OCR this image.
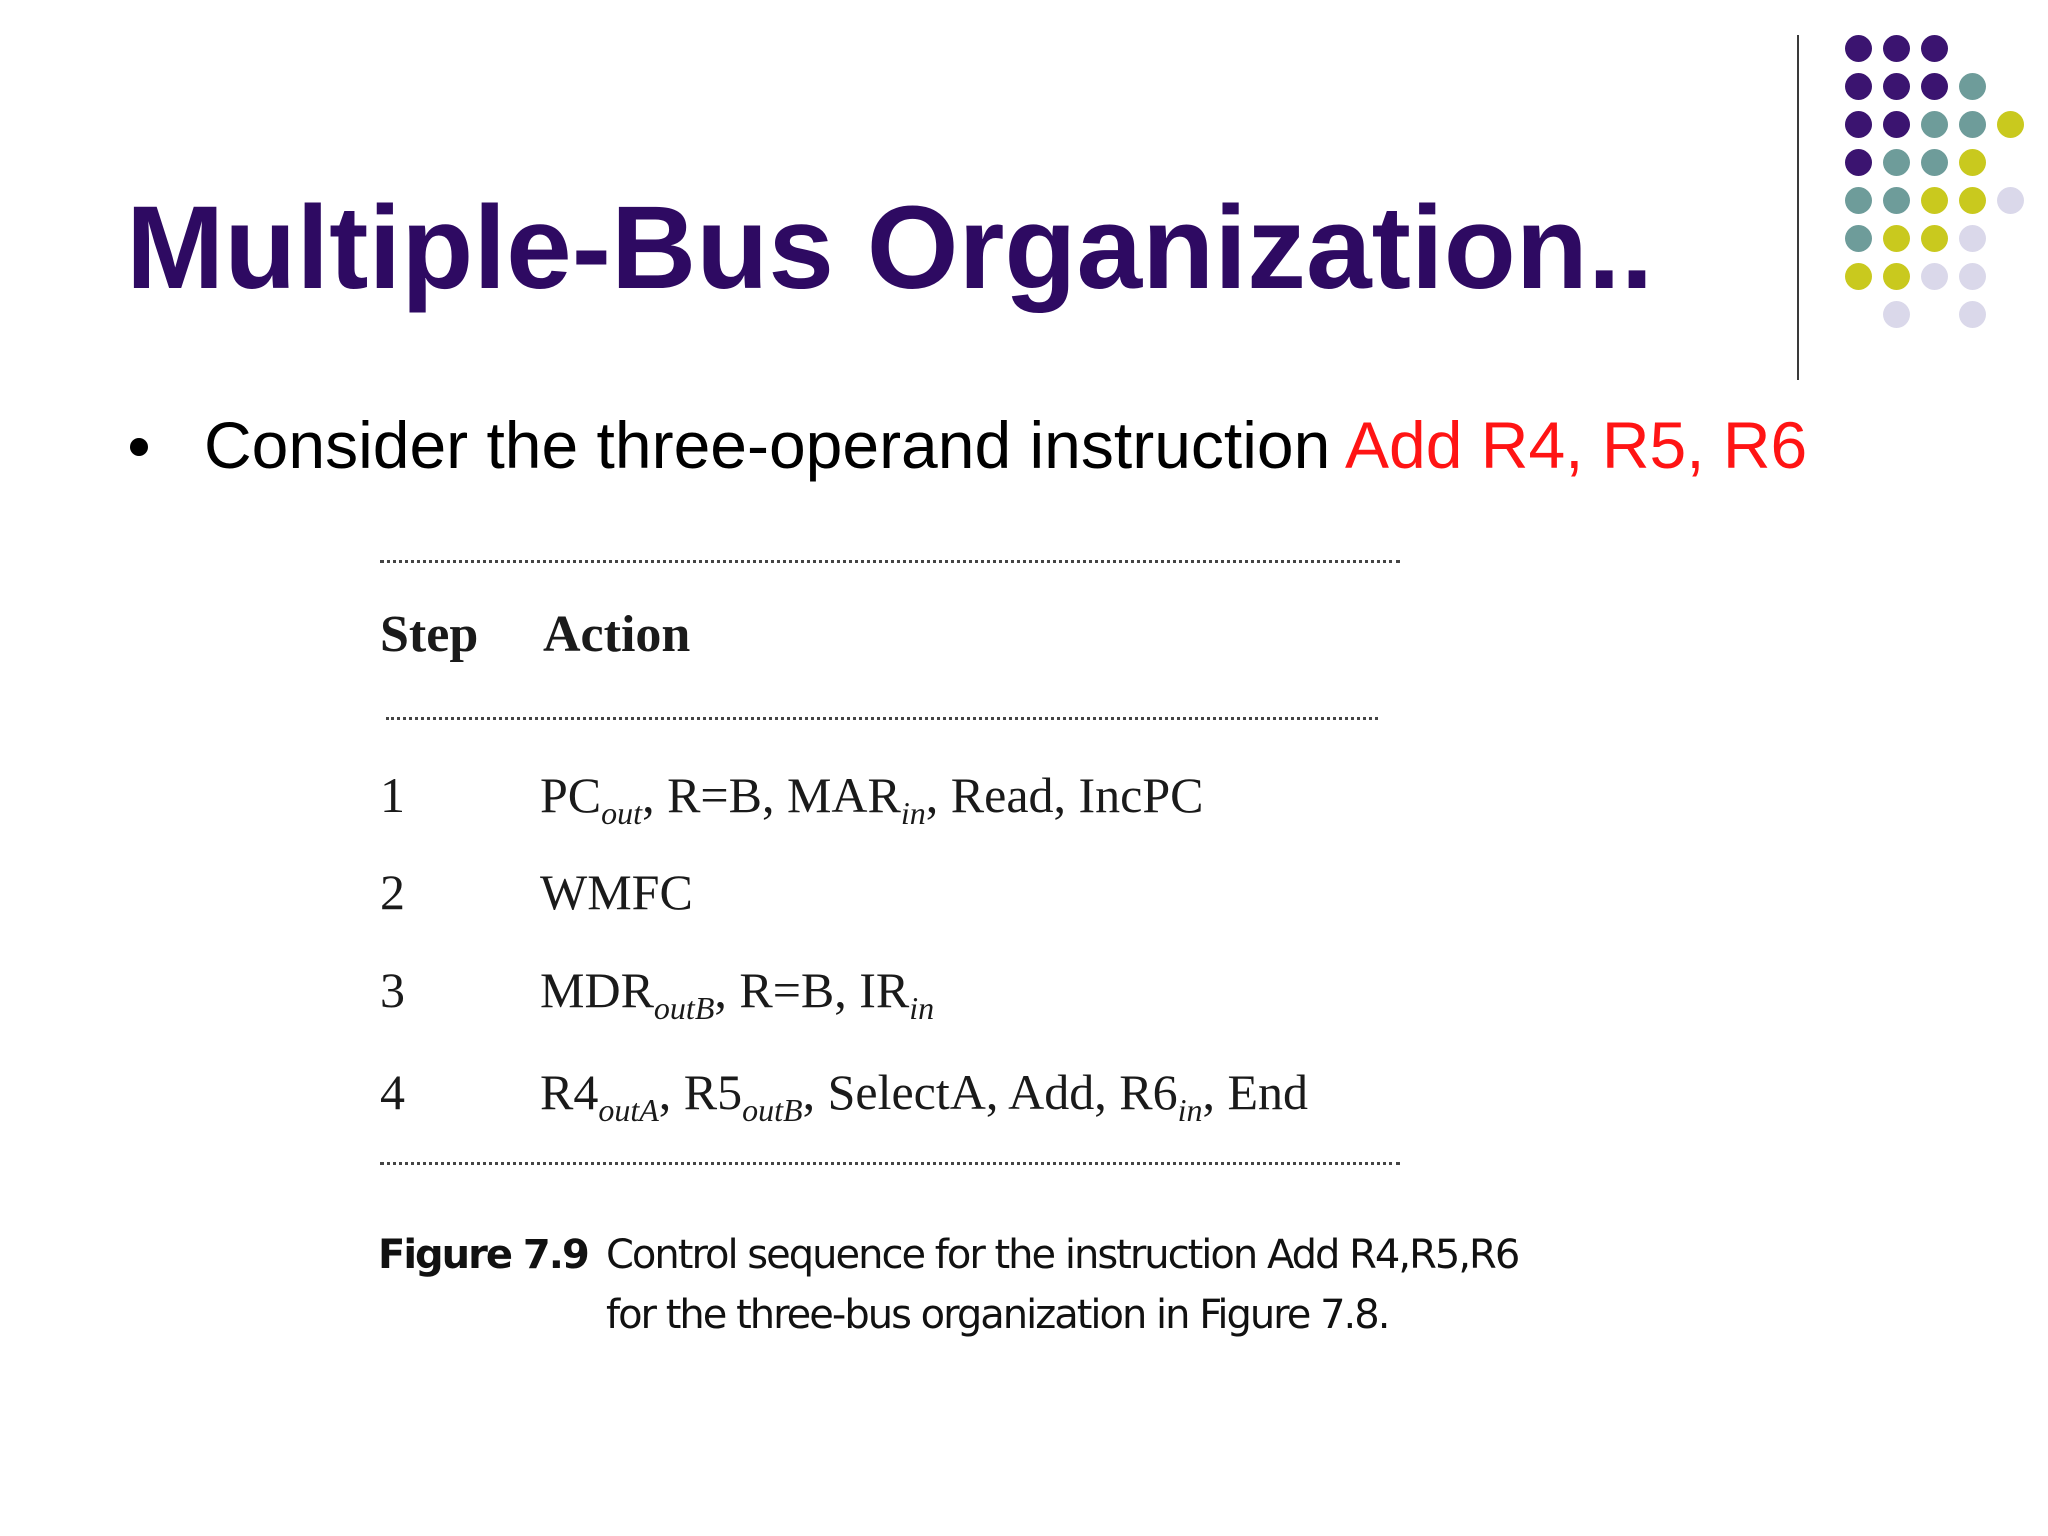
Multiple-Bus Organization..
Consider the three-operand instruction Add R4, R5, R6
Step Action
1	$PC_{out}$, R=B, $MAR_{in}$, Read, IncPC
2	WMFC
3	$MDR_{outB}$, R=B, $IR_{in}$
4	$R4_{outA}$, $R5_{outB}$, SelectA, Add, $R6_{in}$, End
Figure 7.9 Control sequence for the instruction Add R4,R5,R6
for the three-bus organization in Figure 7.8.
